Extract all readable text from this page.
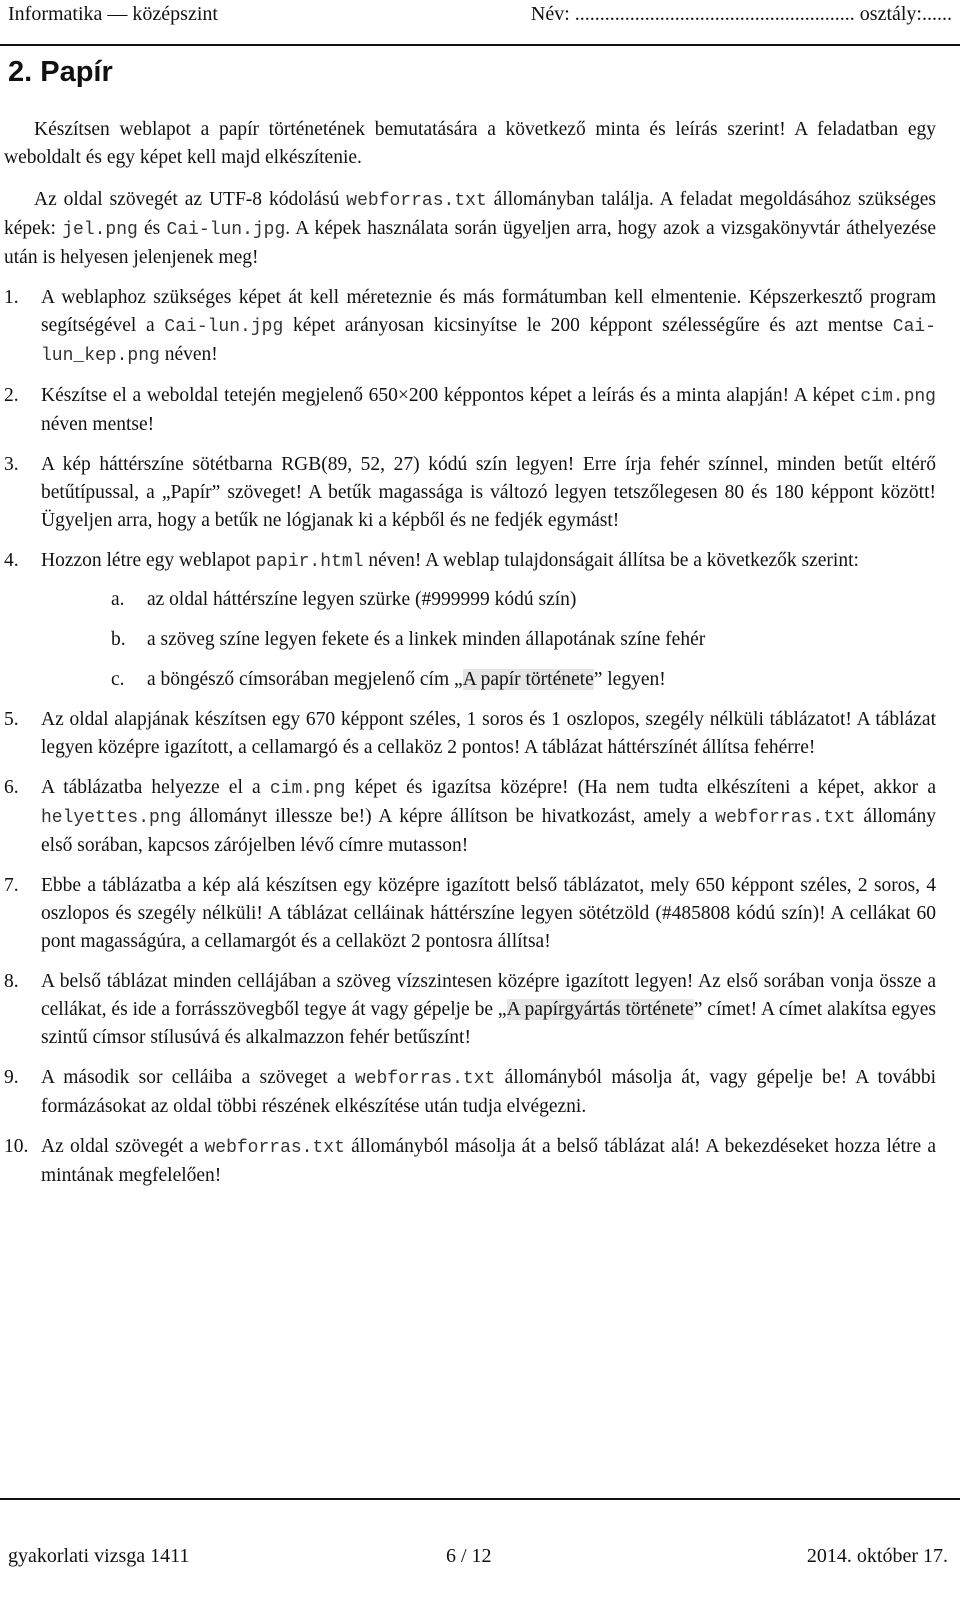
Informatika — középszint	Név: ........................................................ osztály:......
2. Papír

Készítsen weblapot a papír történetének bemutatására a következő minta és leírás szerint! A feladatban egy weboldalt és egy képet kell majd elkészítenie.

Az oldal szövegét az UTF-8 kódolású webforras.txt állományban találja. A feladat megoldásához szükséges képek: jel.png és Cai-lun.jpg. A képek használata során ügyeljen arra, hogy azok a vizsgakönyvtár áthelyezése után is helyesen jelenjenek meg!

1. A weblaphoz szükséges képet át kell méreteznie és más formátumban kell elmentenie. Képszerkesztő program segítségével a Cai-lun.jpg képet arányosan kicsinyítse le 200 képpont szélességűre és azt mentse Cai-lun_kep.png néven!
2. Készítse el a weboldal tetején megjelenő 650×200 képpontos képet a leírás és a minta alapján! A képet cim.png néven mentse!
3. A kép háttérszíne sötétbarna RGB(89, 52, 27) kódú szín legyen! Erre írja fehér színnel, minden betűt eltérő betűtípussal, a „Papír” szöveget! A betűk magassága is változó legyen tetszőlegesen 80 és 180 képpont között! Ügyeljen arra, hogy a betűk ne lógjanak ki a képből és ne fedjék egymást!
4. Hozzon létre egy weblapot papir.html néven! A weblap tulajdonságait állítsa be a következők szerint:
a. az oldal háttérszíne legyen szürke (#999999 kódú szín)
b. a szöveg színe legyen fekete és a linkek minden állapotának színe fehér
c. a böngésző címsorában megjelenő cím „A papír története” legyen!
5. Az oldal alapjának készítsen egy 670 képpont széles, 1 soros és 1 oszlopos, szegély nélküli táblázatot! A táblázat legyen középre igazított, a cellamargó és a cellaköz 2 pontos! A táblázat háttérszínét állítsa fehérre!
6. A táblázatba helyezze el a cim.png képet és igazítsa középre! (Ha nem tudta elkészíteni a képet, akkor a helyettes.png állományt illessze be!) A képre állítson be hivatkozást, amely a webforras.txt állomány első sorában, kapcsos zárójelben lévő címre mutasson!
7. Ebbe a táblázatba a kép alá készítsen egy középre igazított belső táblázatot, mely 650 képpont széles, 2 soros, 4 oszlopos és szegély nélküli! A táblázat celláinak háttérszíne legyen sötétzöld (#485808 kódú szín)! A cellákat 60 pont magasságúra, a cellamargót és a cellaközt 2 pontosra állítsa!
8. A belső táblázat minden cellájában a szöveg vízszintesen középre igazított legyen! Az első sorában vonja össze a cellákat, és ide a forrásszövegből tegye át vagy gépelje be „A papírgyártás története” címet! A címet alakítsa egyes szintű címsor stílusúvá és alkalmazzon fehér betűszínt!
9. A második sor celláiba a szöveget a webforras.txt állományból másolja át, vagy gépelje be! A további formázásokat az oldal többi részének elkészítése után tudja elvégezni.
10. Az oldal szövegét a webforras.txt állományból másolja át a belső táblázat alá! A bekezdéseket hozza létre a mintának megfelelően!
gyakorlati vizsga 1411	6 / 12	2014. október 17.
